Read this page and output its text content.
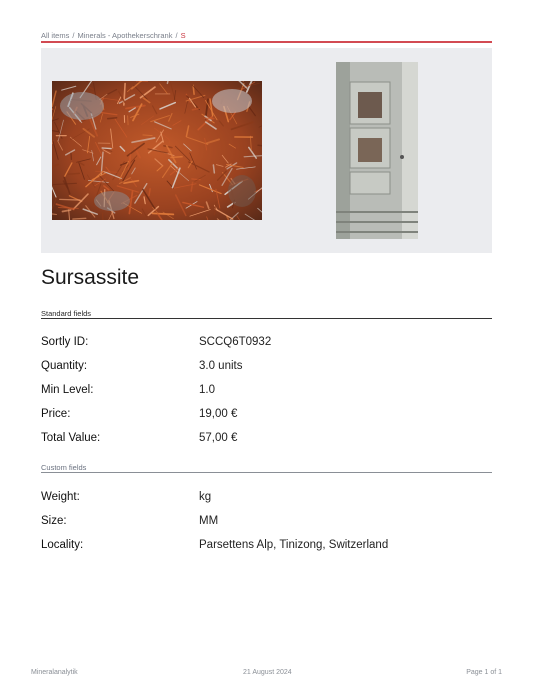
All items / Minerals - Apothekerschrank / S
Sursassite
Standard fields
Sortly ID:	SCCQ6T0932
Quantity:	3.0 units
Min Level:	1.0
Price:	19,00 €
Total Value:	57,00 €
Custom fields
Weight:	kg
Size:	MM
Locality:	Parsettens Alp, Tinizong, Switzerland
Mineralanalytik	21 August 2024	Page 1 of 1
